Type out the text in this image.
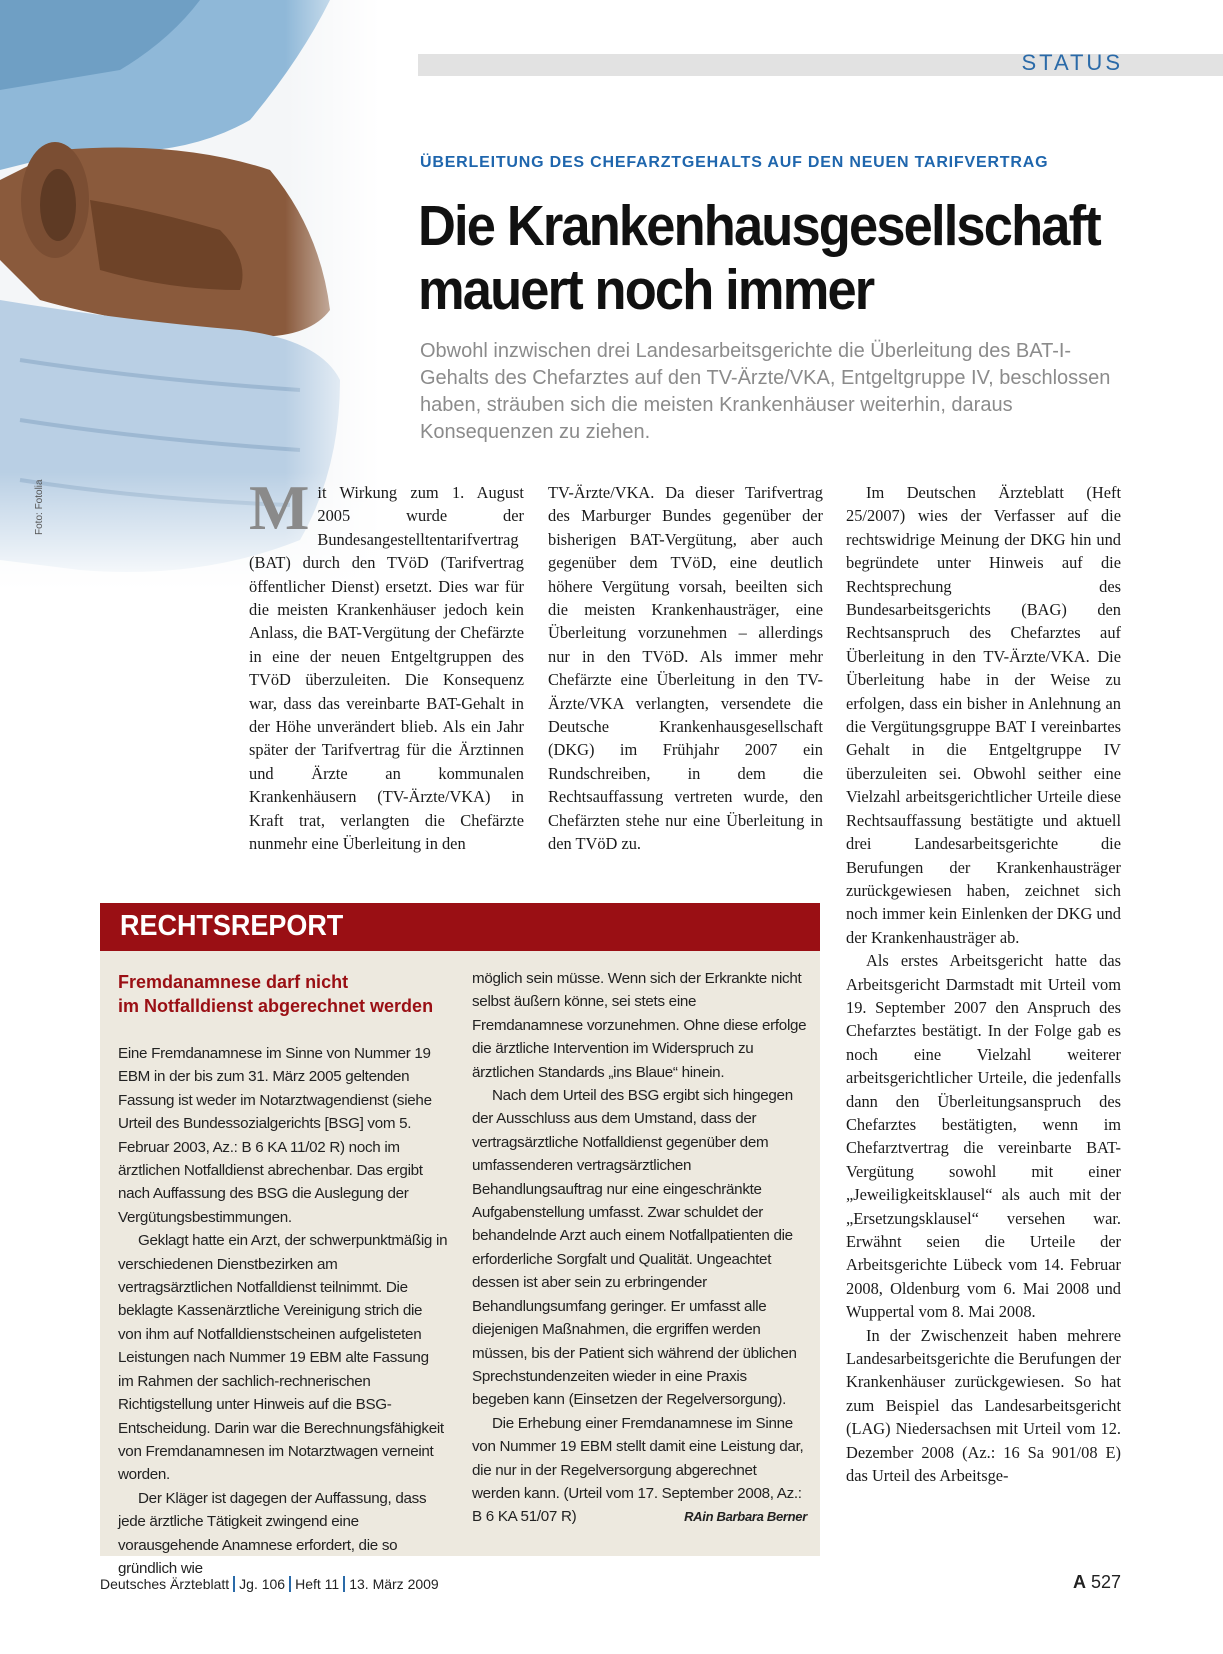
Foto: Fotolia
STATUS
ÜBERLEITUNG DES CHEFARZTGEHALTS AUF DEN NEUEN TARIFVERTRAG
Die Krankenhausgesellschaft
mauert noch immer
Obwohl inzwischen drei Landesarbeitsgerichte die Überleitung des BAT-I-Gehalts des Chefarztes auf den TV-Ärzte/VKA, Entgeltgruppe IV, beschlossen haben, sträuben sich die meisten Krankenhäuser weiterhin, daraus Konsequenzen zu ziehen.

Mit Wirkung zum 1. August 2005 wurde der Bundesangestelltentarifvertrag (BAT) durch den TVöD (Tarifvertrag öffentlicher Dienst) ersetzt. Dies war für die meisten Krankenhäuser jedoch kein Anlass, die BAT-Vergütung der Chefärzte in eine der neuen Entgeltgruppen des TVöD überzuleiten. Die Konsequenz war, dass das vereinbarte BAT-Gehalt in der Höhe unverändert blieb. Als ein Jahr später der Tarifvertrag für die Ärztinnen und Ärzte an kommunalen Krankenhäusern (TV-Ärzte/VKA) in Kraft trat, verlangten die Chefärzte nunmehr eine Überleitung in den

TV-Ärzte/VKA. Da dieser Tarifvertrag des Marburger Bundes gegenüber der bisherigen BAT-Vergütung, aber auch gegenüber dem TVöD, eine deutlich höhere Vergütung vorsah, beeilten sich die meisten Krankenhausträger, eine Überleitung vorzunehmen – allerdings nur in den TVöD. Als immer mehr Chefärzte eine Überleitung in den TV-Ärzte/VKA verlangten, versendete die Deutsche Krankenhausgesellschaft (DKG) im Frühjahr 2007 ein Rundschreiben, in dem die Rechtsauffassung vertreten wurde, den Chefärzten stehe nur eine Überleitung in den TVöD zu.

Im Deutschen Ärzteblatt (Heft 25/2007) wies der Verfasser auf die rechtswidrige Meinung der DKG hin und begründete unter Hinweis auf die Rechtsprechung des Bundesarbeitsgerichts (BAG) den Rechtsanspruch des Chefarztes auf Überleitung in den TV-Ärzte/VKA. Die Überleitung habe in der Weise zu erfolgen, dass ein bisher in Anlehnung an die Vergütungsgruppe BAT I vereinbartes Gehalt in die Entgeltgruppe IV überzuleiten sei. Obwohl seither eine Vielzahl arbeitsgerichtlicher Urteile diese Rechtsauffassung bestätigte und aktuell drei Landesarbeitsgerichte die Berufungen der Krankenhausträger zurückgewiesen haben, zeichnet sich noch immer kein Einlenken der DKG und der Krankenhausträger ab.

Als erstes Arbeitsgericht hatte das Arbeitsgericht Darmstadt mit Urteil vom 19. September 2007 den Anspruch des Chefarztes bestätigt. In der Folge gab es noch eine Vielzahl weiterer arbeitsgerichtlicher Urteile, die jedenfalls dann den Überleitungsanspruch des Chefarztes bestätigten, wenn im Chefarztvertrag die vereinbarte BAT-Vergütung sowohl mit einer „Jeweiligkeitsklausel“ als auch mit der „Ersetzungsklausel“ versehen war. Erwähnt seien die Urteile der Arbeitsgerichte Lübeck vom 14. Februar 2008, Oldenburg vom 6. Mai 2008 und Wuppertal vom 8. Mai 2008.

In der Zwischenzeit haben mehrere Landesarbeitsgerichte die Berufungen der Krankenhäuser zurückgewiesen. So hat zum Beispiel das Landesarbeitsgericht (LAG) Niedersachsen mit Urteil vom 12. Dezember 2008 (Az.: 16 Sa 901/08 E) das Urteil des Arbeitsge-

RECHTSREPORT
Fremdanamnese darf nicht
im Notfalldienst abgerechnet werden

Eine Fremdanamnese im Sinne von Nummer 19 EBM in der bis zum 31. März 2005 geltenden Fassung ist weder im Notarztwagendienst (siehe Urteil des Bundessozialgerichts [BSG] vom 5. Februar 2003, Az.: B 6 KA 11/02 R) noch im ärztlichen Notfalldienst abrechenbar. Das ergibt nach Auffassung des BSG die Auslegung der Vergütungsbestimmungen.

Geklagt hatte ein Arzt, der schwerpunktmäßig in verschiedenen Dienstbezirken am vertragsärztlichen Notfalldienst teilnimmt. Die beklagte Kassenärztliche Vereinigung strich die von ihm auf Notfalldienstscheinen aufgelisteten Leistungen nach Nummer 19 EBM alte Fassung im Rahmen der sachlich-rechnerischen Richtigstellung unter Hinweis auf die BSG-Entscheidung. Darin war die Berechnungsfähigkeit von Fremdanamnesen im Notarztwagen verneint worden.

Der Kläger ist dagegen der Auffassung, dass jede ärztliche Tätigkeit zwingend eine vorausgehende Anamnese erfordert, die so gründlich wie

möglich sein müsse. Wenn sich der Erkrankte nicht selbst äußern könne, sei stets eine Fremdanamnese vorzunehmen. Ohne diese erfolge die ärztliche Intervention im Widerspruch zu ärztlichen Standards „ins Blaue“ hinein.

Nach dem Urteil des BSG ergibt sich hingegen der Ausschluss aus dem Umstand, dass der vertragsärztliche Notfalldienst gegenüber dem umfassenderen vertragsärztlichen Behandlungsauftrag nur eine eingeschränkte Aufgabenstellung umfasst. Zwar schuldet der behandelnde Arzt auch einem Notfallpatienten die erforderliche Sorgfalt und Qualität. Ungeachtet dessen ist aber sein zu erbringender Behandlungsumfang geringer. Er umfasst alle diejenigen Maßnahmen, die ergriffen werden müssen, bis der Patient sich während der üblichen Sprechstundenzeiten wieder in eine Praxis begeben kann (Einsetzen der Regelversorgung).

Die Erhebung einer Fremdanamnese im Sinne von Nummer 19 EBM stellt damit eine Leistung dar, die nur in der Regelversorgung abgerechnet werden kann. (Urteil vom 17. September 2008, Az.: B 6 KA 51/07 R)	RAin Barbara Berner

Deutsches Ärzteblatt Jg. 106 Heft 11 13. März 2009	A 527
